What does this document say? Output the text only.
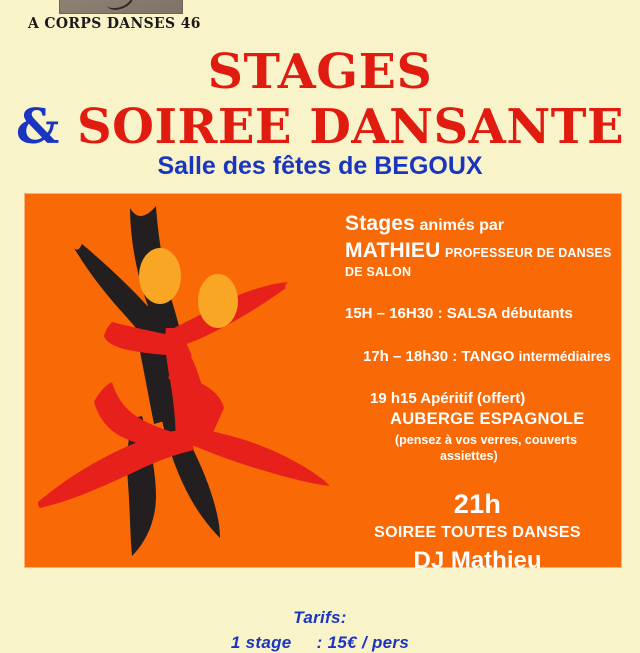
A CORPS DANSES 46
STAGES
& SOIREE DANSANTE
Salle des fêtes de BEGOUX
Stages animés par
MATHIEU PROFESSEUR DE DANSES
DE SALON
15H – 16H30 : SALSA débutants
17h – 18h30 : TANGO intermédiaires
19 h15 Apéritif (offert)
AUBERGE ESPAGNOLE
(pensez à vos verres, couverts
assiettes)
21h
SOIREE TOUTES DANSES
DJ Mathieu
Tarifs:
1 stage     : 15€ / pers
